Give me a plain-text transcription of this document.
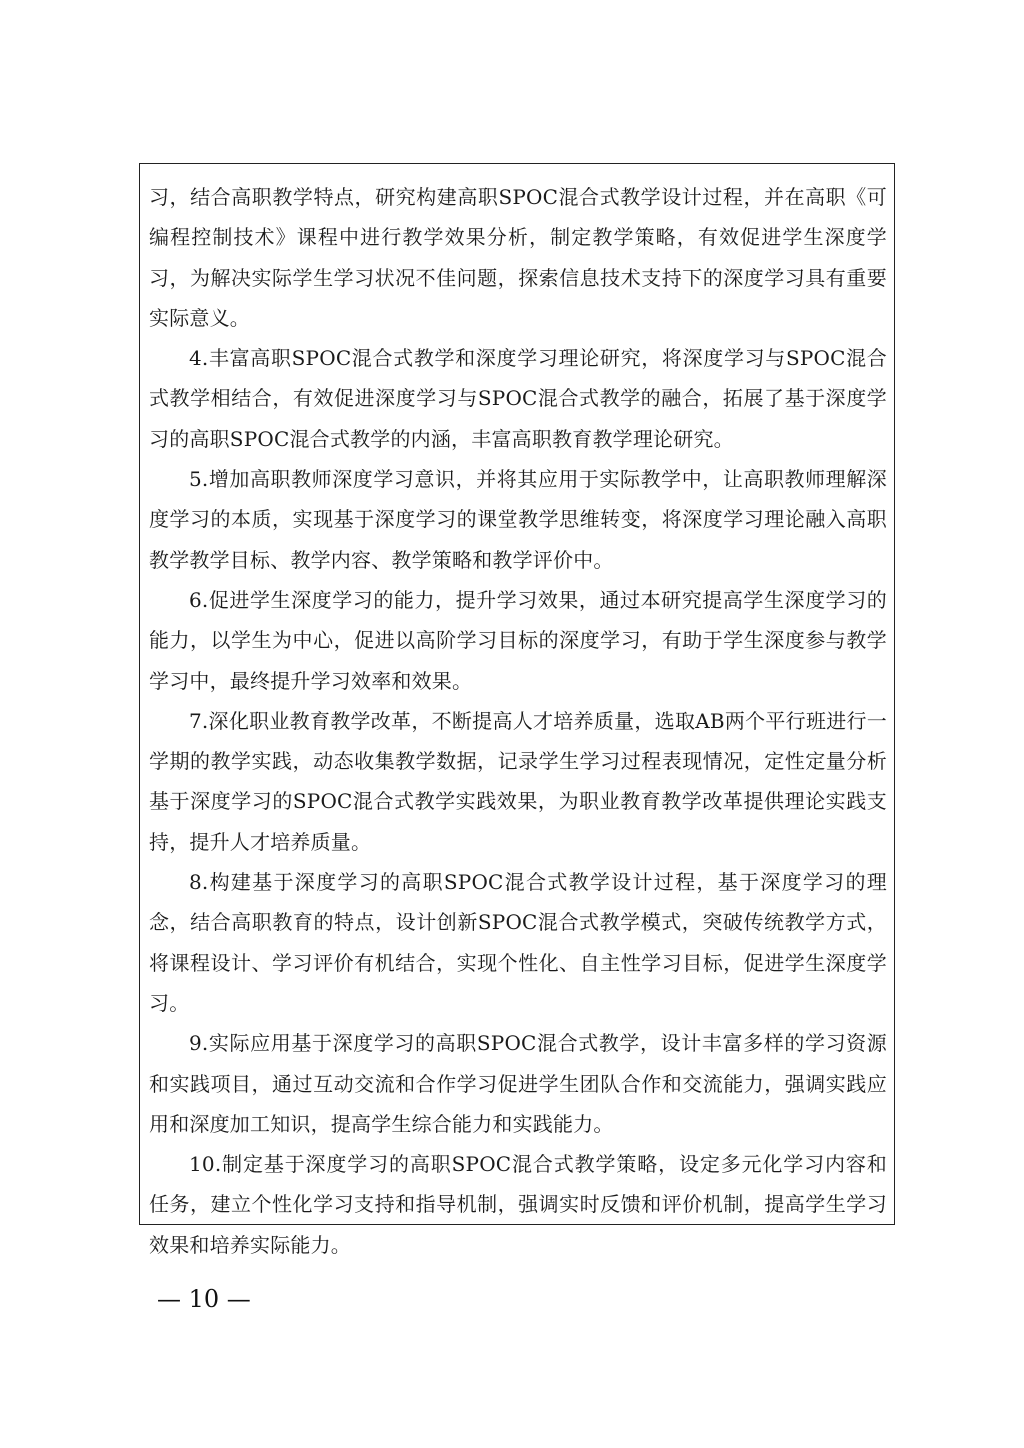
习，结合高职教学特点，研究构建高职SPOC混合式教学设计过程，并在高职《可编程控制技术》课程中进行教学效果分析，制定教学策略，有效促进学生深度学习，为解决实际学生学习状况不佳问题，探索信息技术支持下的深度学习具有重要实际意义。

4.丰富高职SPOC混合式教学和深度学习理论研究，将深度学习与SPOC混合式教学相结合，有效促进深度学习与SPOC混合式教学的融合，拓展了基于深度学习的高职SPOC混合式教学的内涵，丰富高职教育教学理论研究。

5.增加高职教师深度学习意识，并将其应用于实际教学中，让高职教师理解深度学习的本质，实现基于深度学习的课堂教学思维转变，将深度学习理论融入高职教学教学目标、教学内容、教学策略和教学评价中。

6.促进学生深度学习的能力，提升学习效果，通过本研究提高学生深度学习的能力，以学生为中心，促进以高阶学习目标的深度学习，有助于学生深度参与教学学习中，最终提升学习效率和效果。

7.深化职业教育教学改革，不断提高人才培养质量，选取AB两个平行班进行一学期的教学实践，动态收集教学数据，记录学生学习过程表现情况，定性定量分析基于深度学习的SPOC混合式教学实践效果，为职业教育教学改革提供理论实践支持，提升人才培养质量。

8.构建基于深度学习的高职SPOC混合式教学设计过程，基于深度学习的理念，结合高职教育的特点，设计创新SPOC混合式教学模式，突破传统教学方式，将课程设计、学习评价有机结合，实现个性化、自主性学习目标，促进学生深度学习。

9.实际应用基于深度学习的高职SPOC混合式教学，设计丰富多样的学习资源和实践项目，通过互动交流和合作学习促进学生团队合作和交流能力，强调实践应用和深度加工知识，提高学生综合能力和实践能力。

10.制定基于深度学习的高职SPOC混合式教学策略，设定多元化学习内容和任务，建立个性化学习支持和指导机制，强调实时反馈和评价机制，提高学生学习效果和培养实际能力。

— 10 —
